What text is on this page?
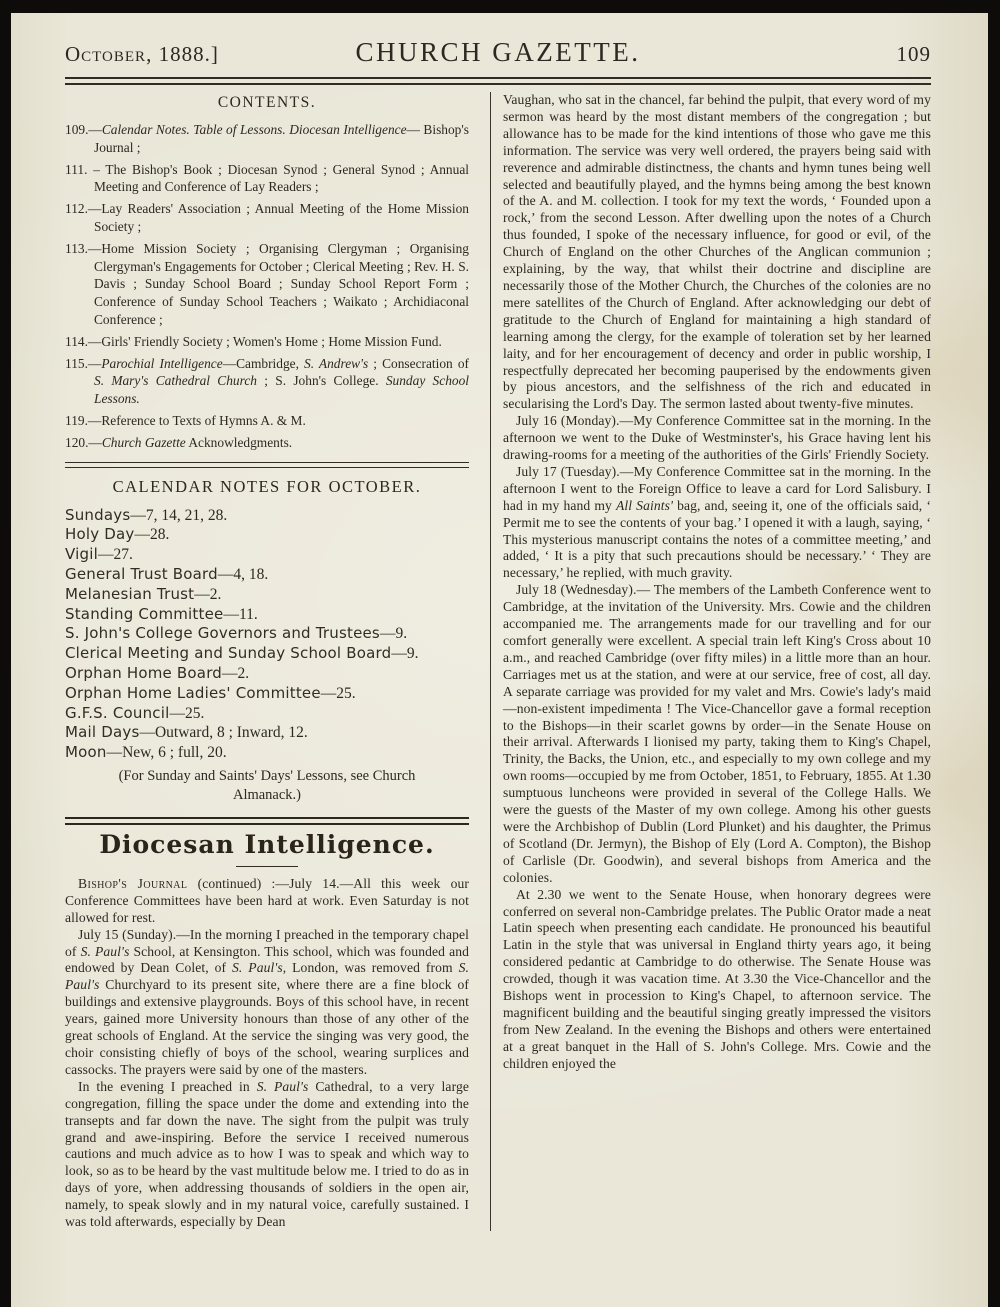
October, 1888.]	CHURCH GAZETTE.	109
CONTENTS.
109.—Calendar Notes. Table of Lessons. Diocesan Intelligence— Bishop's Journal ;
111. – The Bishop's Book ; Diocesan Synod ; General Synod ; Annual Meeting and Conference of Lay Readers ;
112.—Lay Readers' Association ; Annual Meeting of the Home Mission Society ;
113.—Home Mission Society ; Organising Clergyman ; Organising Clergyman's Engagements for October ; Clerical Meeting ; Rev. H. S. Davis ; Sunday School Board ; Sunday School Report Form ; Conference of Sunday School Teachers ; Waikato ; Archidiaconal Conference ;
114.—Girls' Friendly Society ; Women's Home ; Home Mission Fund.
115.—Parochial Intelligence—Cambridge, S. Andrew's ; Consecration of S. Mary's Cathedral Church ; S. John's College. Sunday School Lessons.
119.—Reference to Texts of Hymns A. & M.
120.—Church Gazette Acknowledgments.
CALENDAR NOTES FOR OCTOBER.
Sundays—7, 14, 21, 28.
Holy Day—28.
Vigil—27.
General Trust Board—4, 18.
Melanesian Trust—2.
Standing Committee—11.
S. John's College Governors and Trustees—9.
Clerical Meeting and Sunday School Board—9.
Orphan Home Board—2.
Orphan Home Ladies' Committee—25.
G.F.S. Council—25.
Mail Days—Outward, 8 ; Inward, 12.
Moon—New, 6 ; full, 20.
(For Sunday and Saints' Days' Lessons, see Church
Almanack.)
Diocesan Intelligence.

Bishop's Journal (continued) :—July 14.—All this week our Conference Committees have been hard at work. Even Saturday is not allowed for rest.

July 15 (Sunday).—In the morning I preached in the temporary chapel of S. Paul's School, at Kensington. This school, which was founded and endowed by Dean Colet, of S. Paul's, London, was removed from S. Paul's Churchyard to its present site, where there are a fine block of buildings and extensive playgrounds. Boys of this school have, in recent years, gained more University honours than those of any other of the great schools of England. At the service the singing was very good, the choir consisting chiefly of boys of the school, wearing surplices and cassocks. The prayers were said by one of the masters.

In the evening I preached in S. Paul's Cathedral, to a very large congregation, filling the space under the dome and extending into the transepts and far down the nave. The sight from the pulpit was truly grand and awe-inspiring. Before the service I received numerous cautions and much advice as to how I was to speak and which way to look, so as to be heard by the vast multitude below me. I tried to do as in days of yore, when addressing thousands of soldiers in the open air, namely, to speak slowly and in my natural voice, carefully sustained. I was told afterwards, especially by Dean

Vaughan, who sat in the chancel, far behind the pulpit, that every word of my sermon was heard by the most distant members of the congregation ; but allowance has to be made for the kind intentions of those who gave me this information. The service was very well ordered, the prayers being said with reverence and admirable distinctness, the chants and hymn tunes being well selected and beautifully played, and the hymns being among the best known of the A. and M. collection. I took for my text the words, ‘ Founded upon a rock,’ from the second Lesson. After dwelling upon the notes of a Church thus founded, I spoke of the necessary influence, for good or evil, of the Church of England on the other Churches of the Anglican communion ; explaining, by the way, that whilst their doctrine and discipline are necessarily those of the Mother Church, the Churches of the colonies are no mere satellites of the Church of England. After acknowledging our debt of gratitude to the Church of England for maintaining a high standard of learning among the clergy, for the example of toleration set by her learned laity, and for her encouragement of decency and order in public worship, I respectfully deprecated her becoming pauperised by the endowments given by pious ancestors, and the selfishness of the rich and educated in secularising the Lord's Day. The sermon lasted about twenty-five minutes.

July 16 (Monday).—My Conference Committee sat in the morning. In the afternoon we went to the Duke of Westminster's, his Grace having lent his drawing-rooms for a meeting of the authorities of the Girls' Friendly Society.

July 17 (Tuesday).—My Conference Committee sat in the morning. In the afternoon I went to the Foreign Office to leave a card for Lord Salisbury. I had in my hand my All Saints' bag, and, seeing it, one of the officials said, ‘ Permit me to see the contents of your bag.’ I opened it with a laugh, saying, ‘ This mysterious manuscript contains the notes of a committee meeting,’ and added, ‘ It is a pity that such precautions should be necessary.’ ‘ They are necessary,’ he replied, with much gravity.

July 18 (Wednesday).— The members of the Lambeth Conference went to Cambridge, at the invitation of the University. Mrs. Cowie and the children accompanied me. The arrangements made for our travelling and for our comfort generally were excellent. A special train left King's Cross about 10 a.m., and reached Cambridge (over fifty miles) in a little more than an hour. Carriages met us at the station, and were at our service, free of cost, all day. A separate carriage was provided for my valet and Mrs. Cowie's lady's maid—non-existent impedimenta ! The Vice-Chancellor gave a formal reception to the Bishops—in their scarlet gowns by order—in the Senate House on their arrival. Afterwards I lionised my party, taking them to King's Chapel, Trinity, the Backs, the Union, etc., and especially to my own college and my own rooms—occupied by me from October, 1851, to February, 1855. At 1.30 sumptuous luncheons were provided in several of the College Halls. We were the guests of the Master of my own college. Among his other guests were the Archbishop of Dublin (Lord Plunket) and his daughter, the Primus of Scotland (Dr. Jermyn), the Bishop of Ely (Lord A. Compton), the Bishop of Carlisle (Dr. Goodwin), and several bishops from America and the colonies.

At 2.30 we went to the Senate House, when honorary degrees were conferred on several non-Cambridge prelates. The Public Orator made a neat Latin speech when presenting each candidate. He pronounced his beautiful Latin in the style that was universal in England thirty years ago, it being considered pedantic at Cambridge to do otherwise. The Senate House was crowded, though it was vacation time. At 3.30 the Vice-Chancellor and the Bishops went in procession to King's Chapel, to afternoon service. The magnificent building and the beautiful singing greatly impressed the visitors from New Zealand. In the evening the Bishops and others were entertained at a great banquet in the Hall of S. John's College. Mrs. Cowie and the children enjoyed the
